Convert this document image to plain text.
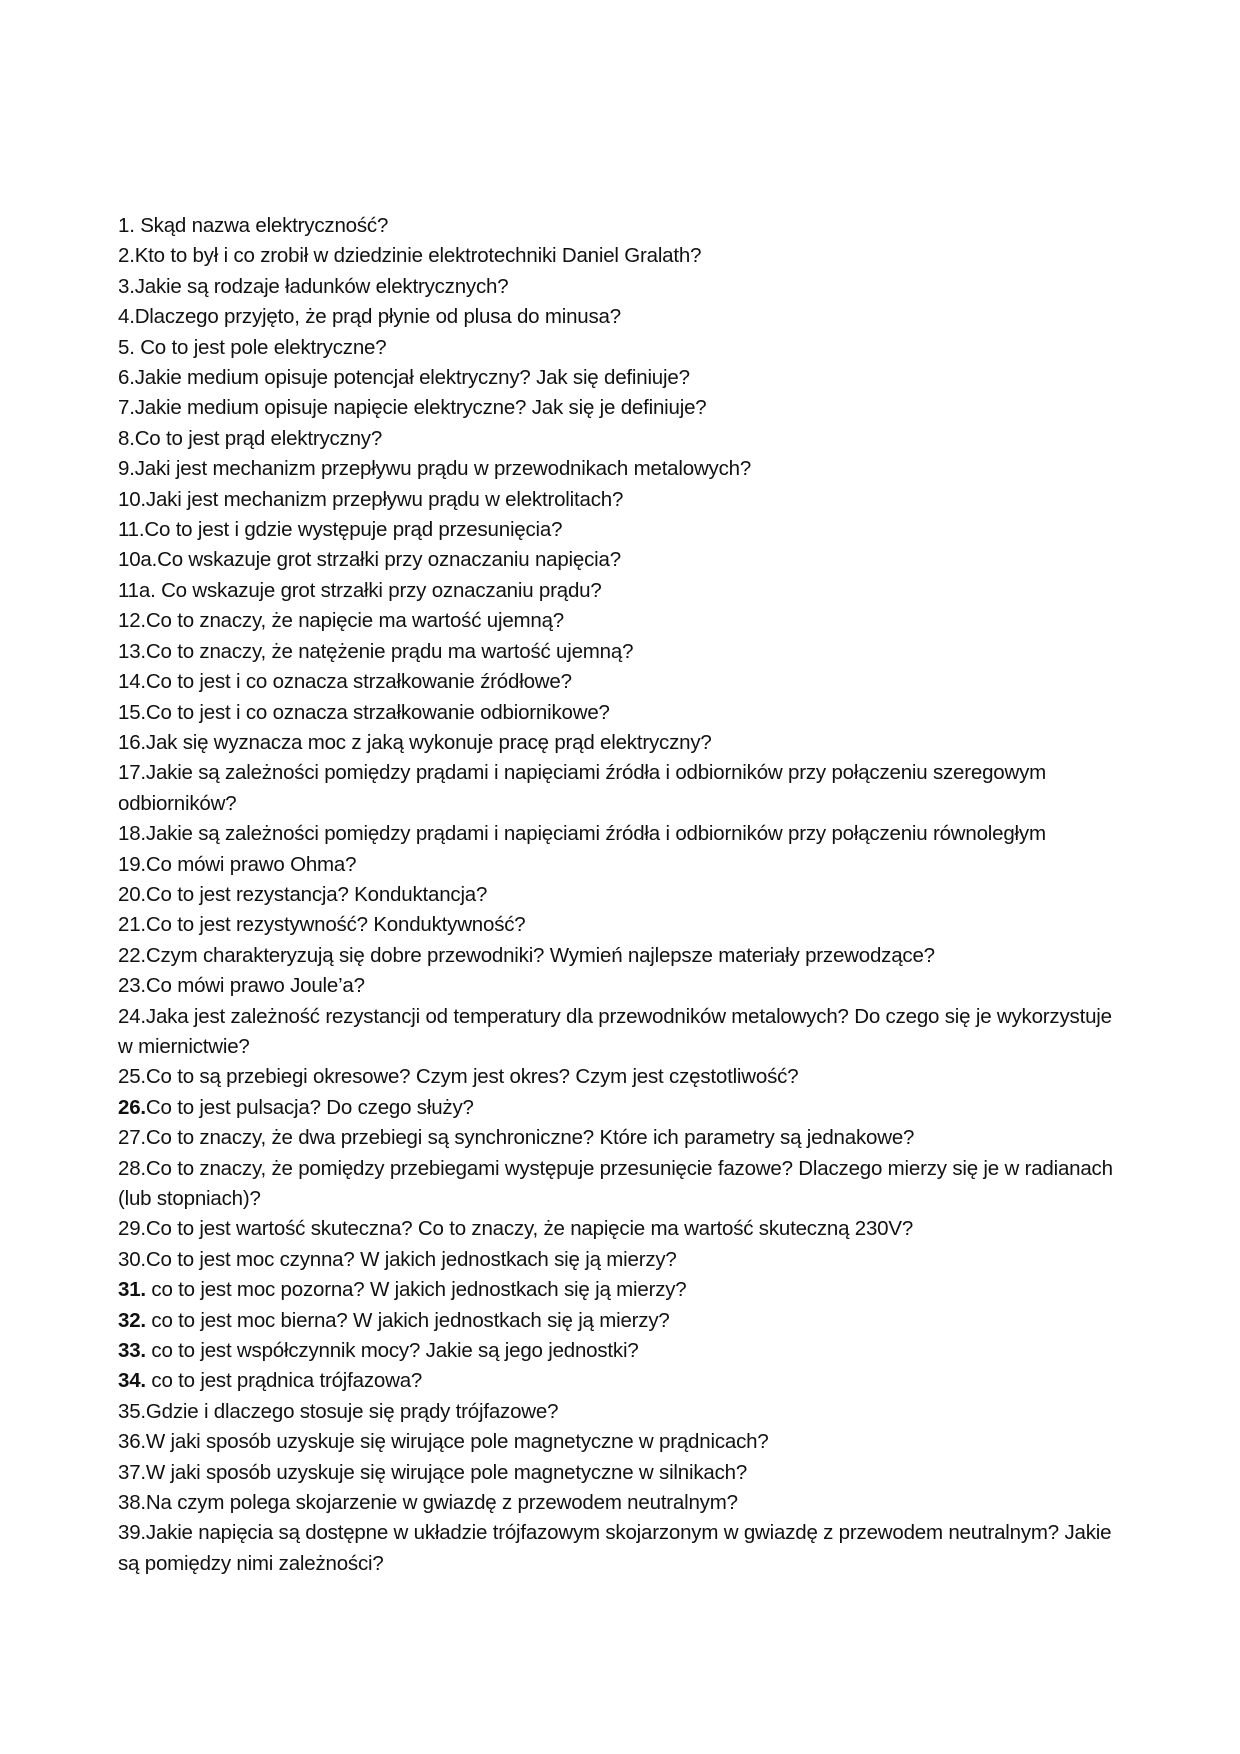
1. Skąd nazwa elektryczność?
2.Kto to był i co zrobił w dziedzinie elektrotechniki Daniel Gralath?
3.Jakie są rodzaje ładunków elektrycznych?
4.Dlaczego przyjęto, że prąd płynie od plusa do minusa?
5. Co to jest pole elektryczne?
6.Jakie medium opisuje potencjał elektryczny? Jak się definiuje?
7.Jakie medium opisuje napięcie elektryczne? Jak się je definiuje?
8.Co to jest prąd elektryczny?
9.Jaki jest mechanizm przepływu prądu w przewodnikach metalowych?
10.Jaki jest mechanizm przepływu prądu w elektrolitach?
11.Co to jest i gdzie występuje prąd przesunięcia?
10a.Co wskazuje grot strzałki przy oznaczaniu napięcia?
11a. Co wskazuje grot strzałki przy oznaczaniu prądu?
12.Co to znaczy, że napięcie ma wartość ujemną?
13.Co to znaczy, że natężenie prądu ma wartość ujemną?
14.Co to jest i co oznacza strzałkowanie źródłowe?
15.Co to jest i co oznacza strzałkowanie odbiornikowe?
16.Jak się wyznacza moc z jaką wykonuje pracę prąd elektryczny?
17.Jakie są zależności pomiędzy prądami i napięciami źródła i odbiorników przy połączeniu szeregowym odbiorników?
18.Jakie są zależności pomiędzy prądami i napięciami źródła i odbiorników przy połączeniu równoległym
19.Co mówi prawo Ohma?
20.Co to jest rezystancja? Konduktancja?
21.Co to jest rezystywność? Konduktywność?
22.Czym charakteryzują się dobre przewodniki? Wymień najlepsze materiały przewodzące?
23.Co mówi prawo Joule’a?
24.Jaka jest zależność rezystancji od temperatury dla przewodników metalowych? Do czego się je wykorzystuje w miernictwie?
25.Co to są przebiegi okresowe? Czym jest okres? Czym jest częstotliwość?
26.Co to jest pulsacja? Do czego służy?
27.Co to znaczy, że dwa przebiegi są synchroniczne? Które ich parametry są jednakowe?
28.Co to znaczy, że pomiędzy przebiegami występuje przesunięcie fazowe? Dlaczego mierzy się je w radianach (lub stopniach)?
29.Co to jest wartość skuteczna? Co to znaczy, że napięcie ma wartość skuteczną 230V?
30.Co to jest moc czynna? W jakich jednostkach się ją mierzy?
31. co to jest moc pozorna? W jakich jednostkach się ją mierzy?
32. co to jest moc bierna? W jakich jednostkach się ją mierzy?
33. co to jest współczynnik mocy? Jakie są jego jednostki?
34. co to jest prądnica trójfazowa?
35.Gdzie i dlaczego stosuje się prądy trójfazowe?
36.W jaki sposób uzyskuje się wirujące pole magnetyczne w prądnicach?
37.W jaki sposób uzyskuje się wirujące pole magnetyczne w silnikach?
38.Na czym polega skojarzenie w gwiazdę z przewodem neutralnym?
39.Jakie napięcia są dostępne w układzie trójfazowym skojarzonym w gwiazdę z przewodem neutralnym? Jakie są pomiędzy nimi zależności?
